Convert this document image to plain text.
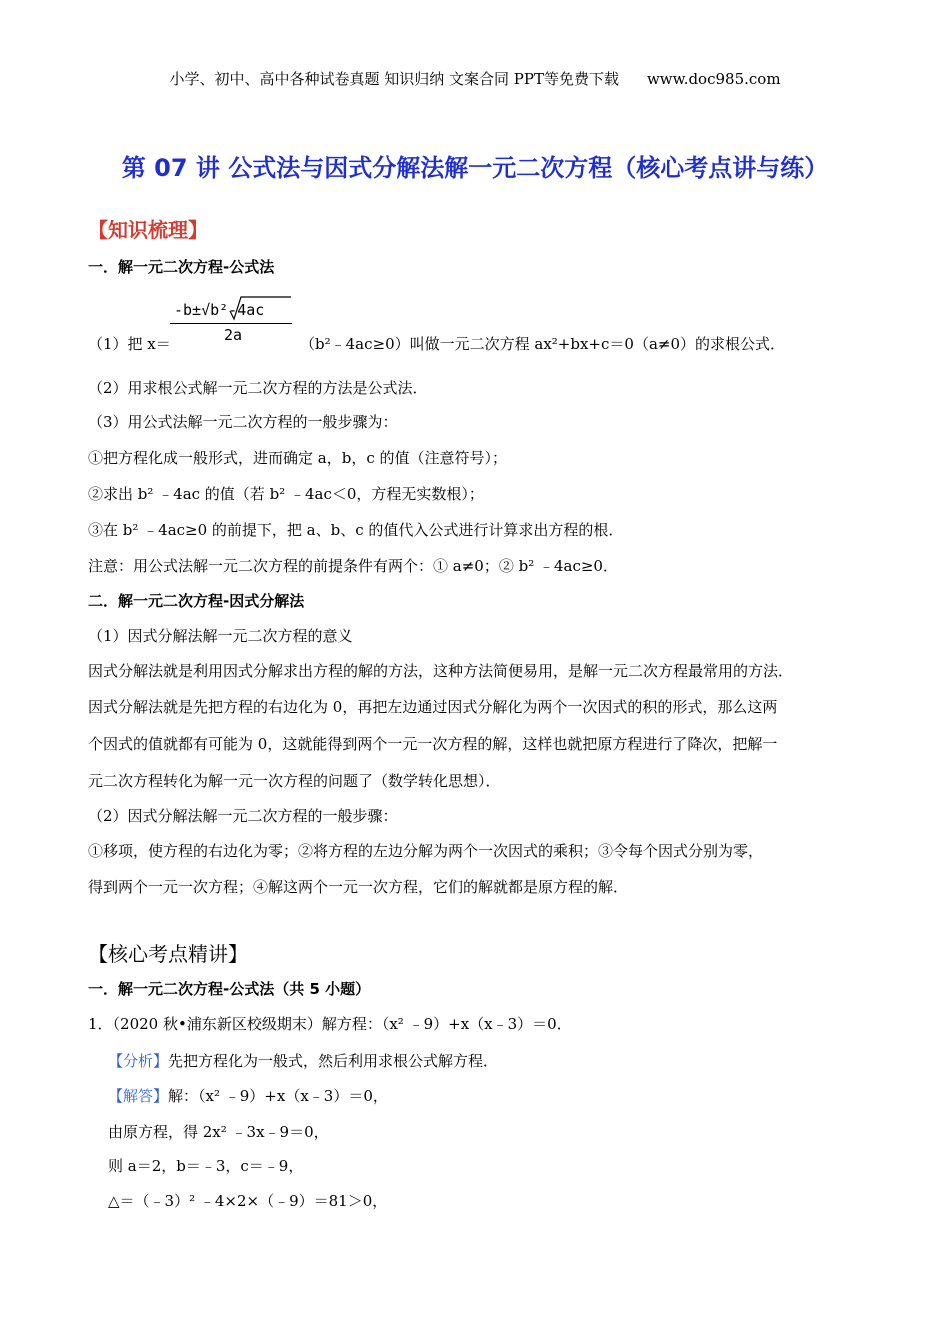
小学、初中、高中各种试卷真题 知识归纳 文案合同 PPT等免费下载 www.doc985.com
第 07 讲 公式法与因式分解法解一元二次方程（核心考点讲与练）
【知识梳理】
一．解一元二次方程-公式法
-b±√b²-4ac
2a
（1）把 x＝	（b²﹣4ac≥0）叫做一元二次方程 ax²+bx+c＝0（a≠0）的求根公式．
（2）用求根公式解一元二次方程的方法是公式法．
（3）用公式法解一元二次方程的一般步骤为：
①把方程化成一般形式，进而确定 a，b，c 的值（注意符号）；
②求出 b² ﹣4ac 的值（若 b² ﹣4ac＜0，方程无实数根）；
③在 b² ﹣4ac≥0 的前提下，把 a、b、c 的值代入公式进行计算求出方程的根．
注意：用公式法解一元二次方程的前提条件有两个：① a≠0；② b² ﹣4ac≥0．
二．解一元二次方程-因式分解法
（1）因式分解法解一元二次方程的意义
因式分解法就是利用因式分解求出方程的解的方法，这种方法简便易用，是解一元二次方程最常用的方法．
因式分解法就是先把方程的右边化为 0，再把左边通过因式分解化为两个一次因式的积的形式，那么这两
个因式的值就都有可能为 0，这就能得到两个一元一次方程的解，这样也就把原方程进行了降次，把解一
元二次方程转化为解一元一次方程的问题了（数学转化思想）．
（2）因式分解法解一元二次方程的一般步骤：
①移项，使方程的右边化为零；②将方程的左边分解为两个一次因式的乘积；③令每个因式分别为零，
得到两个一元一次方程；④解这两个一元一次方程，它们的解就都是原方程的解．
【核心考点精讲】
一．解一元二次方程-公式法（共 5 小题）
1．（2020 秋•浦东新区校级期末）解方程：（x² ﹣9）+x（x﹣3）＝0．
【分析】先把方程化为一般式，然后利用求根公式解方程．
【解答】解：（x² ﹣9）+x（x﹣3）＝0，
由原方程，得 2x² ﹣3x﹣9＝0，
则 a＝2，b＝﹣3，c＝﹣9，
△＝（﹣3）² ﹣4×2×（﹣9）＝81＞0，
